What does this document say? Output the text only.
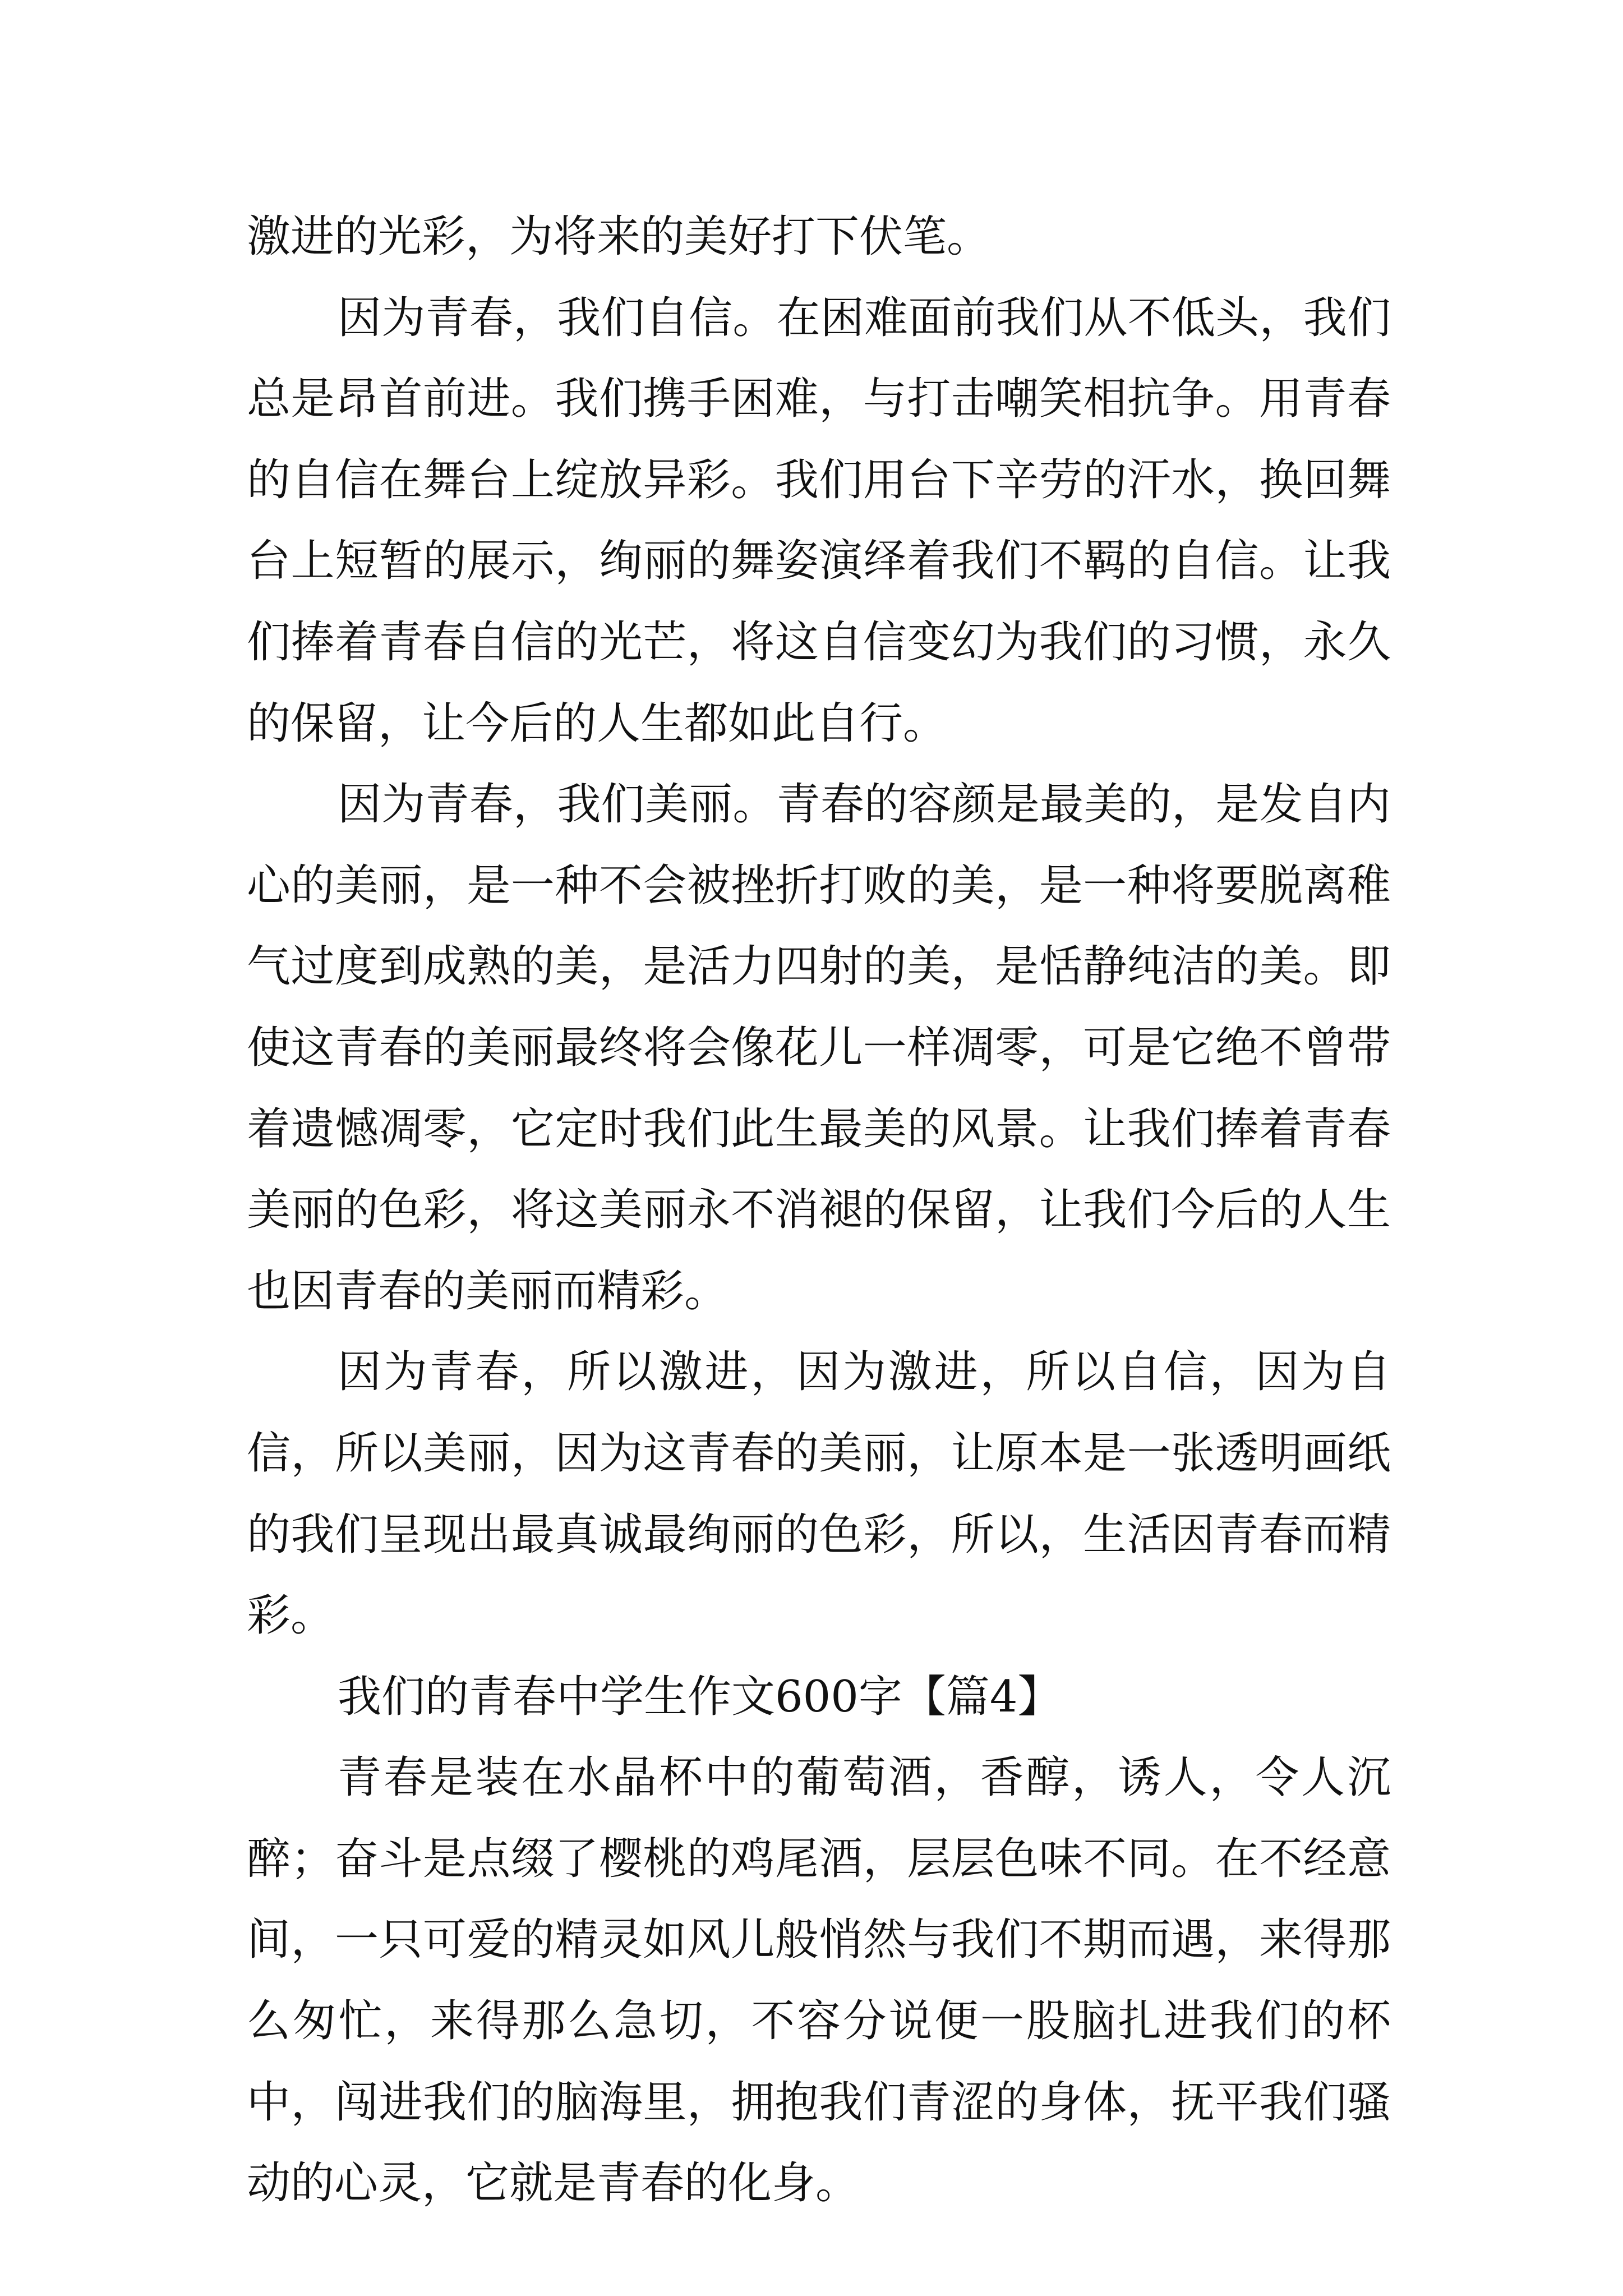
激进的光彩，为将来的美好打下伏笔。

因为青春，我们自信。在困难面前我们从不低头，我们总是昂首前进。我们携手困难，与打击嘲笑相抗争。用青春的自信在舞台上绽放异彩。我们用台下辛劳的汗水，换回舞台上短暂的展示，绚丽的舞姿演绎着我们不羁的自信。让我们捧着青春自信的光芒，将这自信变幻为我们的习惯，永久的保留，让今后的人生都如此自行。

因为青春，我们美丽。青春的容颜是最美的，是发自内心的美丽，是一种不会被挫折打败的美，是一种将要脱离稚气过度到成熟的美，是活力四射的美，是恬静纯洁的美。即使这青春的美丽最终将会像花儿一样凋零，可是它绝不曾带着遗憾凋零，它定时我们此生最美的风景。让我们捧着青春美丽的色彩，将这美丽永不消褪的保留，让我们今后的人生也因青春的美丽而精彩。

因为青春，所以激进，因为激进，所以自信，因为自信，所以美丽，因为这青春的美丽，让原本是一张透明画纸的我们呈现出最真诚最绚丽的色彩，所以，生活因青春而精彩。

我们的青春中学生作文600字【篇4】

青春是装在水晶杯中的葡萄酒，香醇，诱人，令人沉醉；奋斗是点缀了樱桃的鸡尾酒，层层色味不同。在不经意间，一只可爱的精灵如风儿般悄然与我们不期而遇，来得那么匆忙，来得那么急切，不容分说便一股脑扎进我们的杯中，闯进我们的脑海里，拥抱我们青涩的身体，抚平我们骚动的心灵，它就是青春的化身。
